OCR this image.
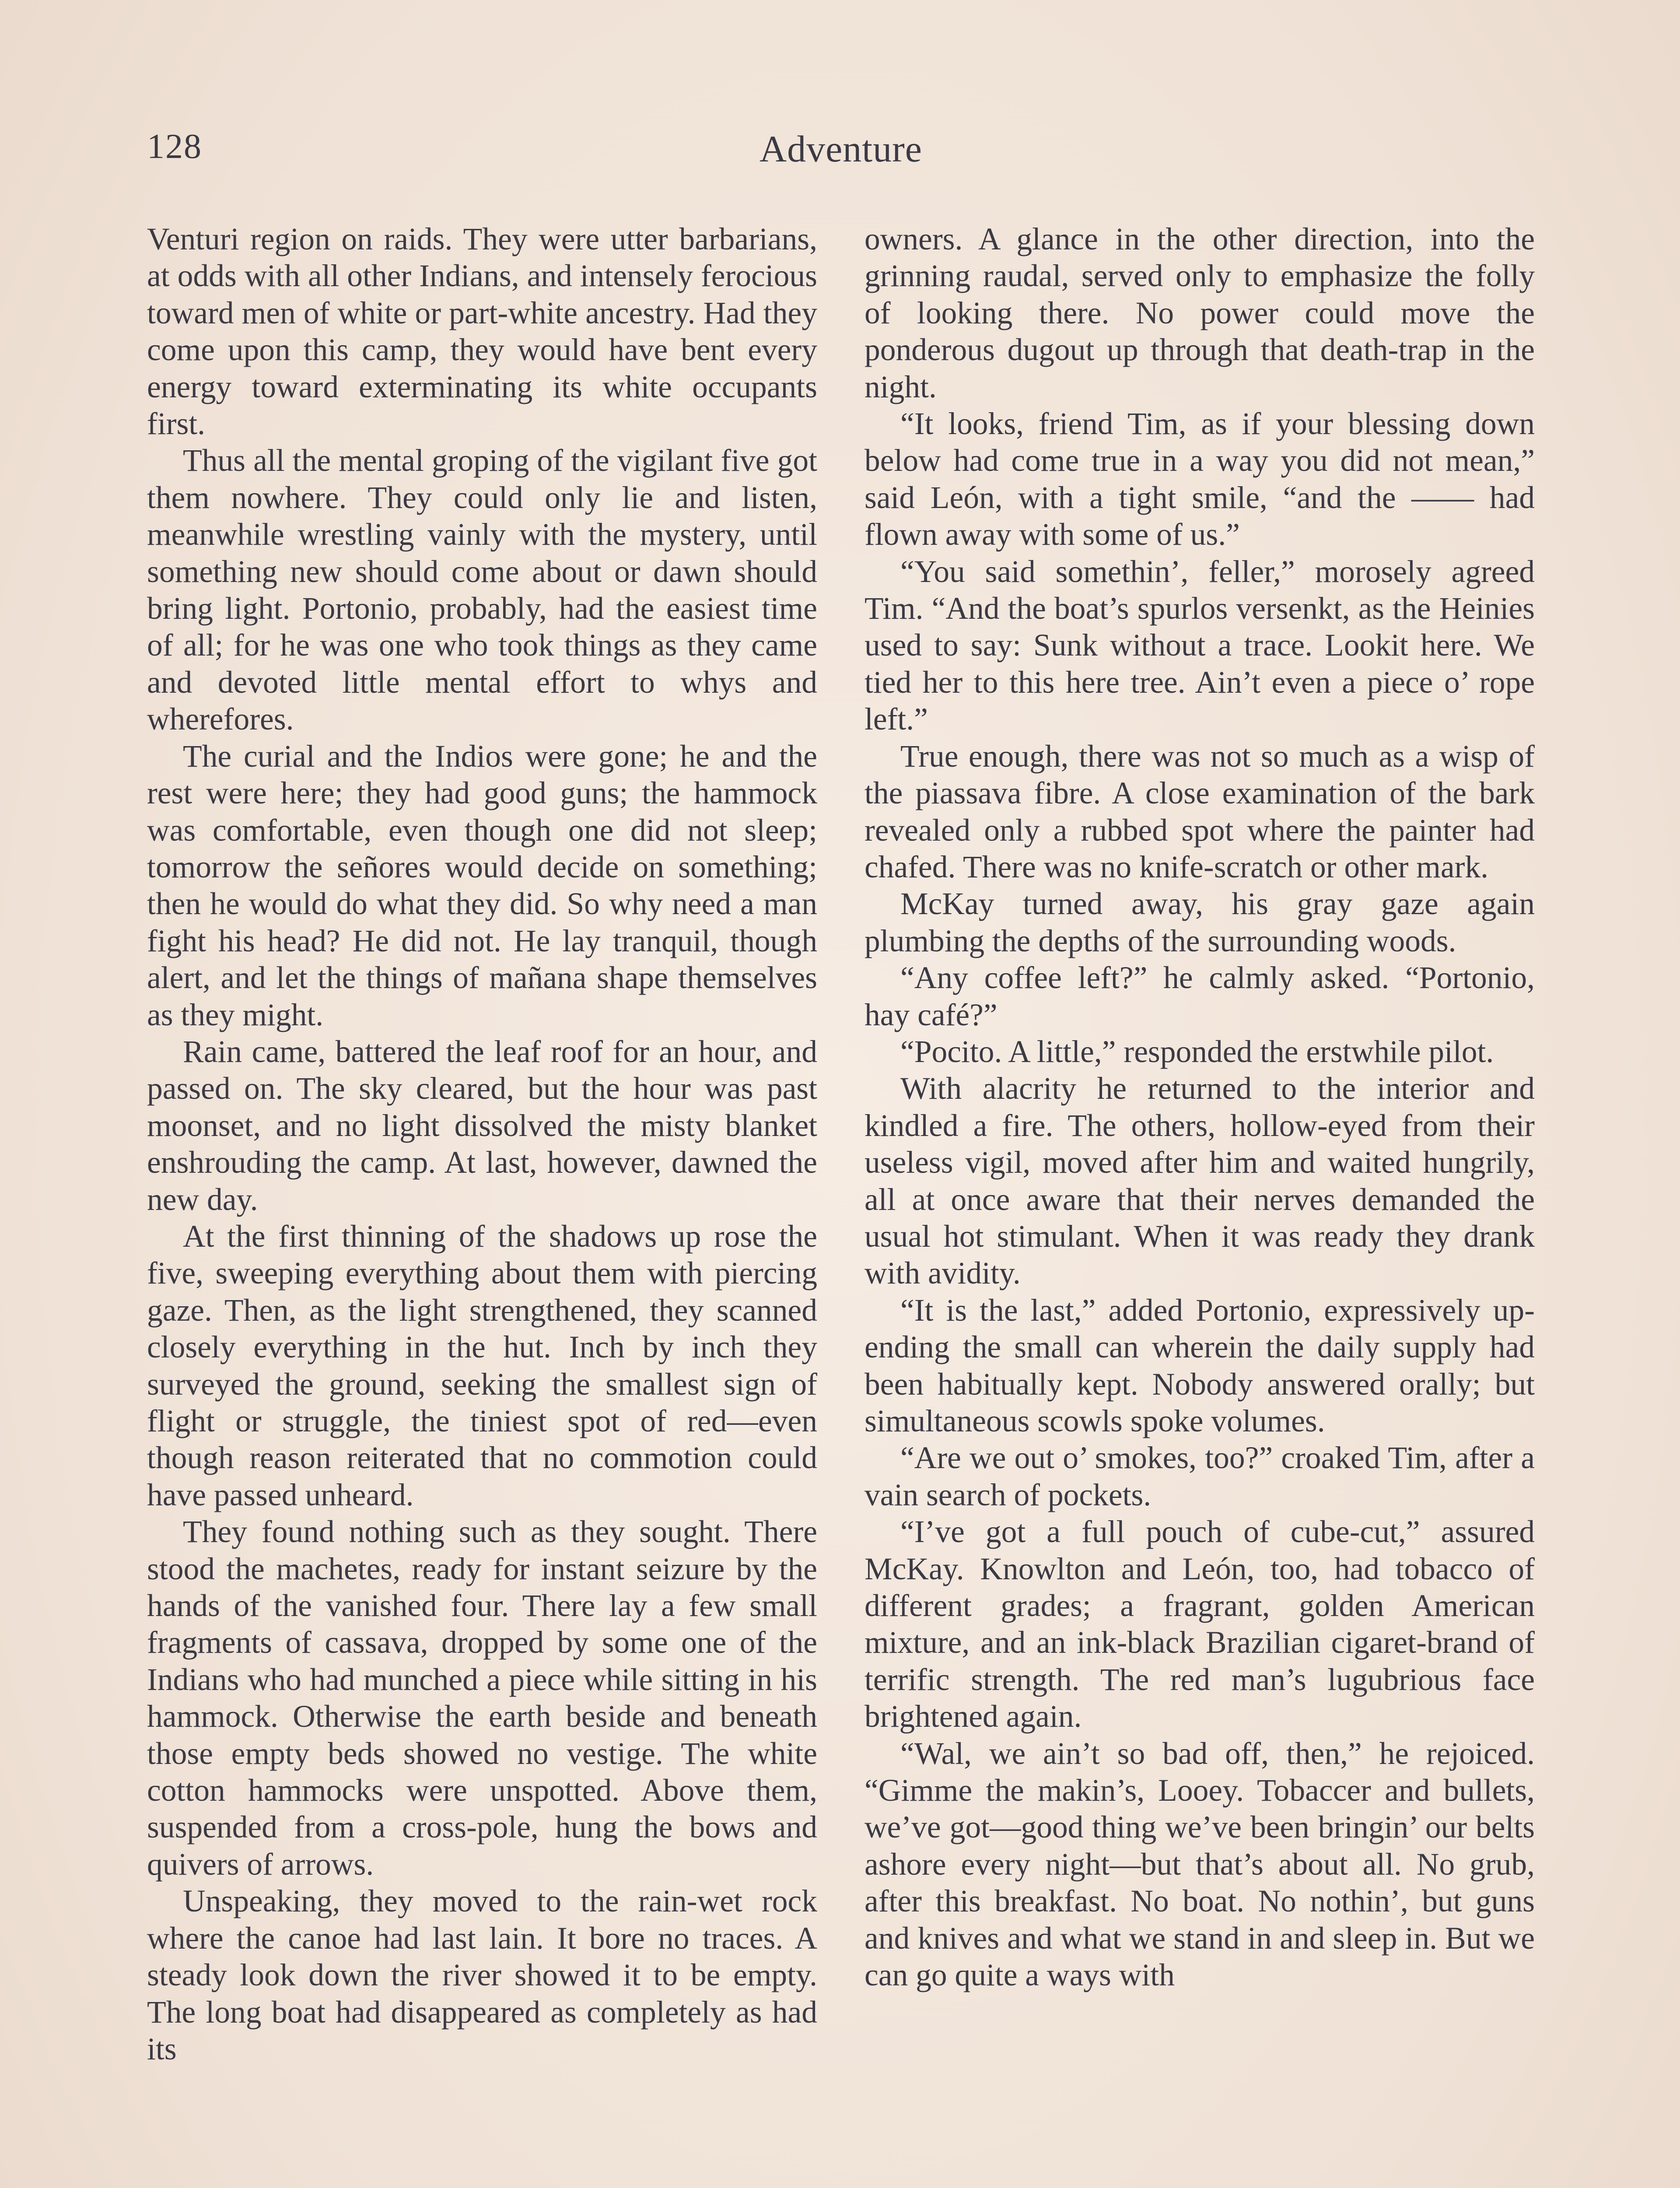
128	Adventure

Venturi region on raids. They were utter barbarians, at odds with all other Indians, and intensely ferocious toward men of white or part-white ancestry. Had they come upon this camp, they would have bent every energy toward exterminating its white occupants first.

Thus all the mental groping of the vigilant five got them nowhere. They could only lie and listen, meanwhile wrestling vainly with the mystery, until something new should come about or dawn should bring light. Portonio, probably, had the easiest time of all; for he was one who took things as they came and devoted little mental effort to whys and wherefores.

The curial and the Indios were gone; he and the rest were here; they had good guns; the hammock was comfortable, even though one did not sleep; tomorrow the señores would decide on something; then he would do what they did. So why need a man fight his head? He did not. He lay tranquil, though alert, and let the things of mañana shape themselves as they might.

Rain came, battered the leaf roof for an hour, and passed on. The sky cleared, but the hour was past moonset, and no light dissolved the misty blanket enshrouding the camp. At last, however, dawned the new day.

At the first thinning of the shadows up rose the five, sweeping everything about them with piercing gaze. Then, as the light strengthened, they scanned closely everything in the hut. Inch by inch they surveyed the ground, seeking the smallest sign of flight or struggle, the tiniest spot of red—even though reason reiterated that no commotion could have passed unheard.

They found nothing such as they sought. There stood the machetes, ready for instant seizure by the hands of the vanished four. There lay a few small fragments of cassava, dropped by some one of the Indians who had munched a piece while sitting in his hammock. Otherwise the earth beside and beneath those empty beds showed no vestige. The white cotton hammocks were unspotted. Above them, suspended from a cross-pole, hung the bows and quivers of arrows.

Unspeaking, they moved to the rain-wet rock where the canoe had last lain. It bore no traces. A steady look down the river showed it to be empty. The long boat had disappeared as completely as had its

owners. A glance in the other direction, into the grinning raudal, served only to emphasize the folly of looking there. No power could move the ponderous dugout up through that death-trap in the night.

“It looks, friend Tim, as if your blessing down below had come true in a way you did not mean,” said León, with a tight smile, “and the —— had flown away with some of us.”

“You said somethin’, feller,” morosely agreed Tim. “And the boat’s spurlos versenkt, as the Heinies used to say: Sunk without a trace. Lookit here. We tied her to this here tree. Ain’t even a piece o’ rope left.”

True enough, there was not so much as a wisp of the piassava fibre. A close examination of the bark revealed only a rubbed spot where the painter had chafed. There was no knife-scratch or other mark.

McKay turned away, his gray gaze again plumbing the depths of the surrounding woods.

“Any coffee left?” he calmly asked. “Portonio, hay café?”

“Pocito. A little,” responded the erstwhile pilot.

With alacrity he returned to the interior and kindled a fire. The others, hollow-eyed from their useless vigil, moved after him and waited hungrily, all at once aware that their nerves demanded the usual hot stimulant. When it was ready they drank with avidity.

“It is the last,” added Portonio, expressively up-ending the small can wherein the daily supply had been habitually kept. Nobody answered orally; but simultaneous scowls spoke volumes.

“Are we out o’ smokes, too?” croaked Tim, after a vain search of pockets.

“I’ve got a full pouch of cube-cut,” assured McKay. Knowlton and León, too, had tobacco of different grades; a fragrant, golden American mixture, and an ink-black Brazilian cigaret-brand of terrific strength. The red man’s lugubrious face brightened again.

“Wal, we ain’t so bad off, then,” he rejoiced. “Gimme the makin’s, Looey. Tobaccer and bullets, we’ve got—good thing we’ve been bringin’ our belts ashore every night—but that’s about all. No grub, after this breakfast. No boat. No nothin’, but guns and knives and what we stand in and sleep in. But we can go quite a ways with
